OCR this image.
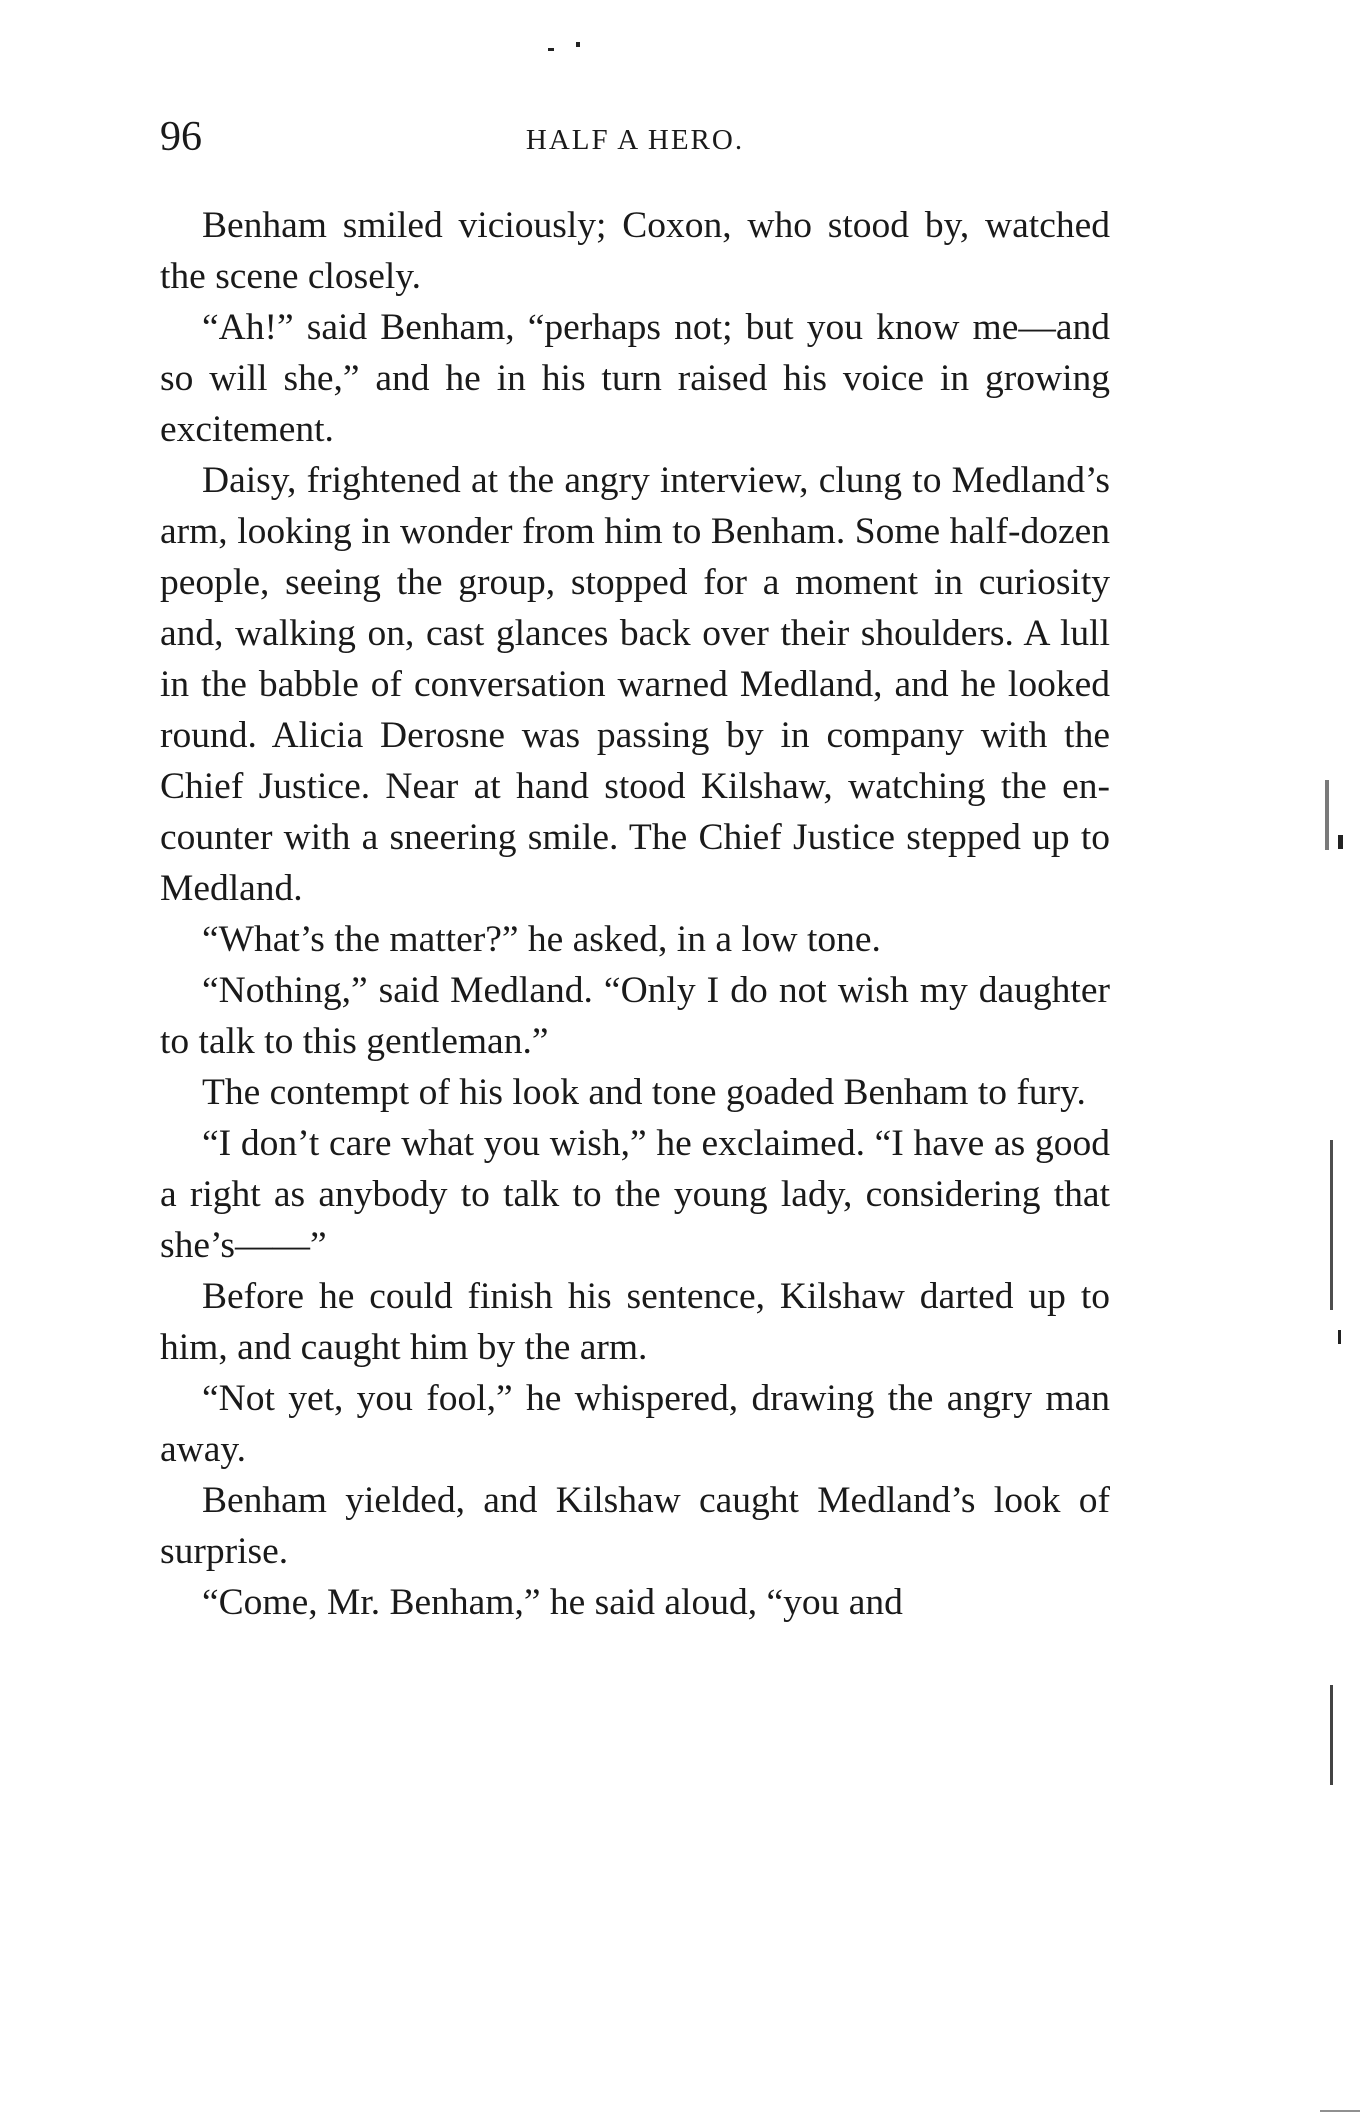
96	HALF A HERO.

Benham smiled viciously; Coxon, who stood by, watched the scene closely.

“Ah!” said Benham, “perhaps not; but you know me—and so will she,” and he in his turn raised his voice in growing excitement.

Daisy, frightened at the angry interview, clung to Medland’s arm, looking in wonder from him to Benham. Some half-dozen people, seeing the group, stopped for a moment in curiosity and, walking on, cast glances back over their shoulders. A lull in the babble of conversation warned Medland, and he looked round. Alicia Derosne was passing by in company with the Chief Justice. Near at hand stood Kilshaw, watching the encounter with a sneering smile. The Chief Justice stepped up to Medland.

“What’s the matter?” he asked, in a low tone.

“Nothing,” said Medland. “Only I do not wish my daughter to talk to this gentleman.”

The contempt of his look and tone goaded Benham to fury.

“I don’t care what you wish,” he exclaimed. “I have as good a right as anybody to talk to the young lady, considering that she’s——”

Before he could finish his sentence, Kilshaw darted up to him, and caught him by the arm.

“Not yet, you fool,” he whispered, drawing the angry man away.

Benham yielded, and Kilshaw caught Medland’s look of surprise.

“Come, Mr. Benham,” he said aloud, “you and
